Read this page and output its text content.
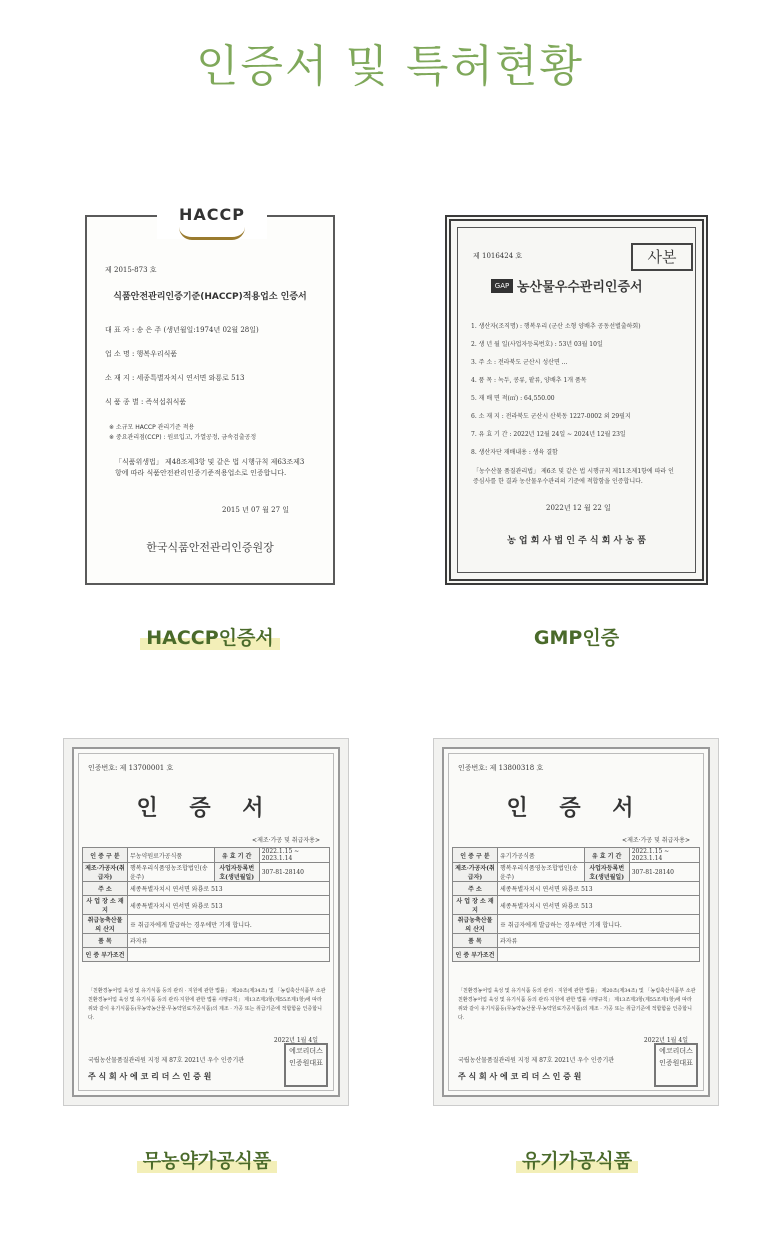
인증서 및 특허현황
HACCP
제 2015-873 호
식품안전관리인증기준(HACCP)적용업소 인증서
대 표 자 : 송 은 주 (생년월일:1974년 02월 28일)
업 소 명 : 행복우리식품
소 재 지 : 세종특별자치시 연서면 와룡로 513
식 품 종 별 : 즉석섭취식품
※ 소규모 HACCP 관리기준 적용
※ 중요관리점(CCP) : 원료입고, 가열공정, 금속검출공정
「식품위생법」 제48조제3항 및 같은 법 시행규칙 제63조제3항에 따라 식품안전관리인증기준적용업소로 인증합니다.
2015 년 07 월 27 일
한국식품안전관리인증원장
HACCP인증서
제 1016424 호	사본
GAP 농산물우수관리인증서
1. 생산자(조직명) : 행복우리 (군산 소형 양배추 공동선별출하회)
2. 생 년 월 일(사업자등록번호) : 53년 03월 10일
3. 주 소 : 전라북도 군산시 성산면 ...
4. 품 목 : 녹두, 콩류, 팥류, 양배추 1개 품목
5. 재 배 면 적(㎡) : 64,550.00
6. 소 재 지 : 전라북도 군산시 산북동 1227-0002 외 29필지
7. 유 효 기 간 : 2022년 12월 24일 ~ 2024년 12월 23일
8. 생산자단 재배내용 : 생육 결함
「농수산물 품질관리법」 제6조 및 같은 법 시행규칙 제11조제1항에 따라 인증심사를 한 결과 농산물우수관리의 기준에 적합함을 인증합니다.
2022년 12 월 22 일
농 업 회 사 법 인 주 식 회 사 농 품
GMP인증
인증번호: 제 13700001 호
인 증 서
<제조·가공 및 취급자용>
인 증 구 분	무농약원료가공식품	유 효 기 간	2022.1.15 ~ 2023.1.14
제조·가공자(취급자)	행복우리식품영농조합법인(송윤주)	사업자등록번호(생년월일)	307-81-28140
주 소	세종특별자치시 연서면 와룡로 513		
사 업 장 소 재 지	세종특별자치시 연서면 와룡로 513		
취급농축산물의 산지	※ 취급자에게 발급하는 경우에만 기재 합니다.		
품 목	과자류		
인 증 부가조건			
「친환경농어업 육성 및 유기식품 등의 관리 · 지원에 관한 법률」 제20조(제34조) 및 「농림축산식품부 소관 친환경농어업 육성 및 유기식품 등의 관리·지원에 관한 법률 시행규칙」 제13조제3항(제55조제1항)에 따라 위와 같이 유기식품등(무농약농산물·무농약원료가공식품)의 제조 · 가공 또는 취급기준에 적합함을 인증합니다.
2022년 1월 4일
국립농산물품질관리원 지정 제 87호 2021년 우수 인증기관
주 식 회 사 에 코 리 더 스 인 증 원
에코리더스인증원대표
무농약가공식품
인증번호: 제 13800318 호
인 증 서
<제조·가공 및 취급자용>
인 증 구 분	유기가공식품	유 효 기 간	2022.1.15 ~ 2023.1.14
제조·가공자(취급자)	행복우리식품영농조합법인(송윤주)	사업자등록번호(생년월일)	307-81-28140
주 소	세종특별자치시 연서면 와룡로 513		
사 업 장 소 재 지	세종특별자치시 연서면 와룡로 513		
취급농축산물의 산지	※ 취급자에게 발급하는 경우에만 기재 합니다.		
품 목	과자류		
인 증 부가조건			
「친환경농어업 육성 및 유기식품 등의 관리 · 지원에 관한 법률」 제20조(제34조) 및 「농림축산식품부 소관 친환경농어업 육성 및 유기식품 등의 관리·지원에 관한 법률 시행규칙」 제13조제3항(제55조제1항)에 따라 위와 같이 유기식품등(무농약농산물·무농약원료가공식품)의 제조 · 가공 또는 취급기준에 적합함을 인증합니다.
2022년 1월 4일
국립농산물품질관리원 지정 제 87호 2021년 우수 인증기관
주 식 회 사 에 코 리 더 스 인 증 원
에코리더스인증원대표
유기가공식품
